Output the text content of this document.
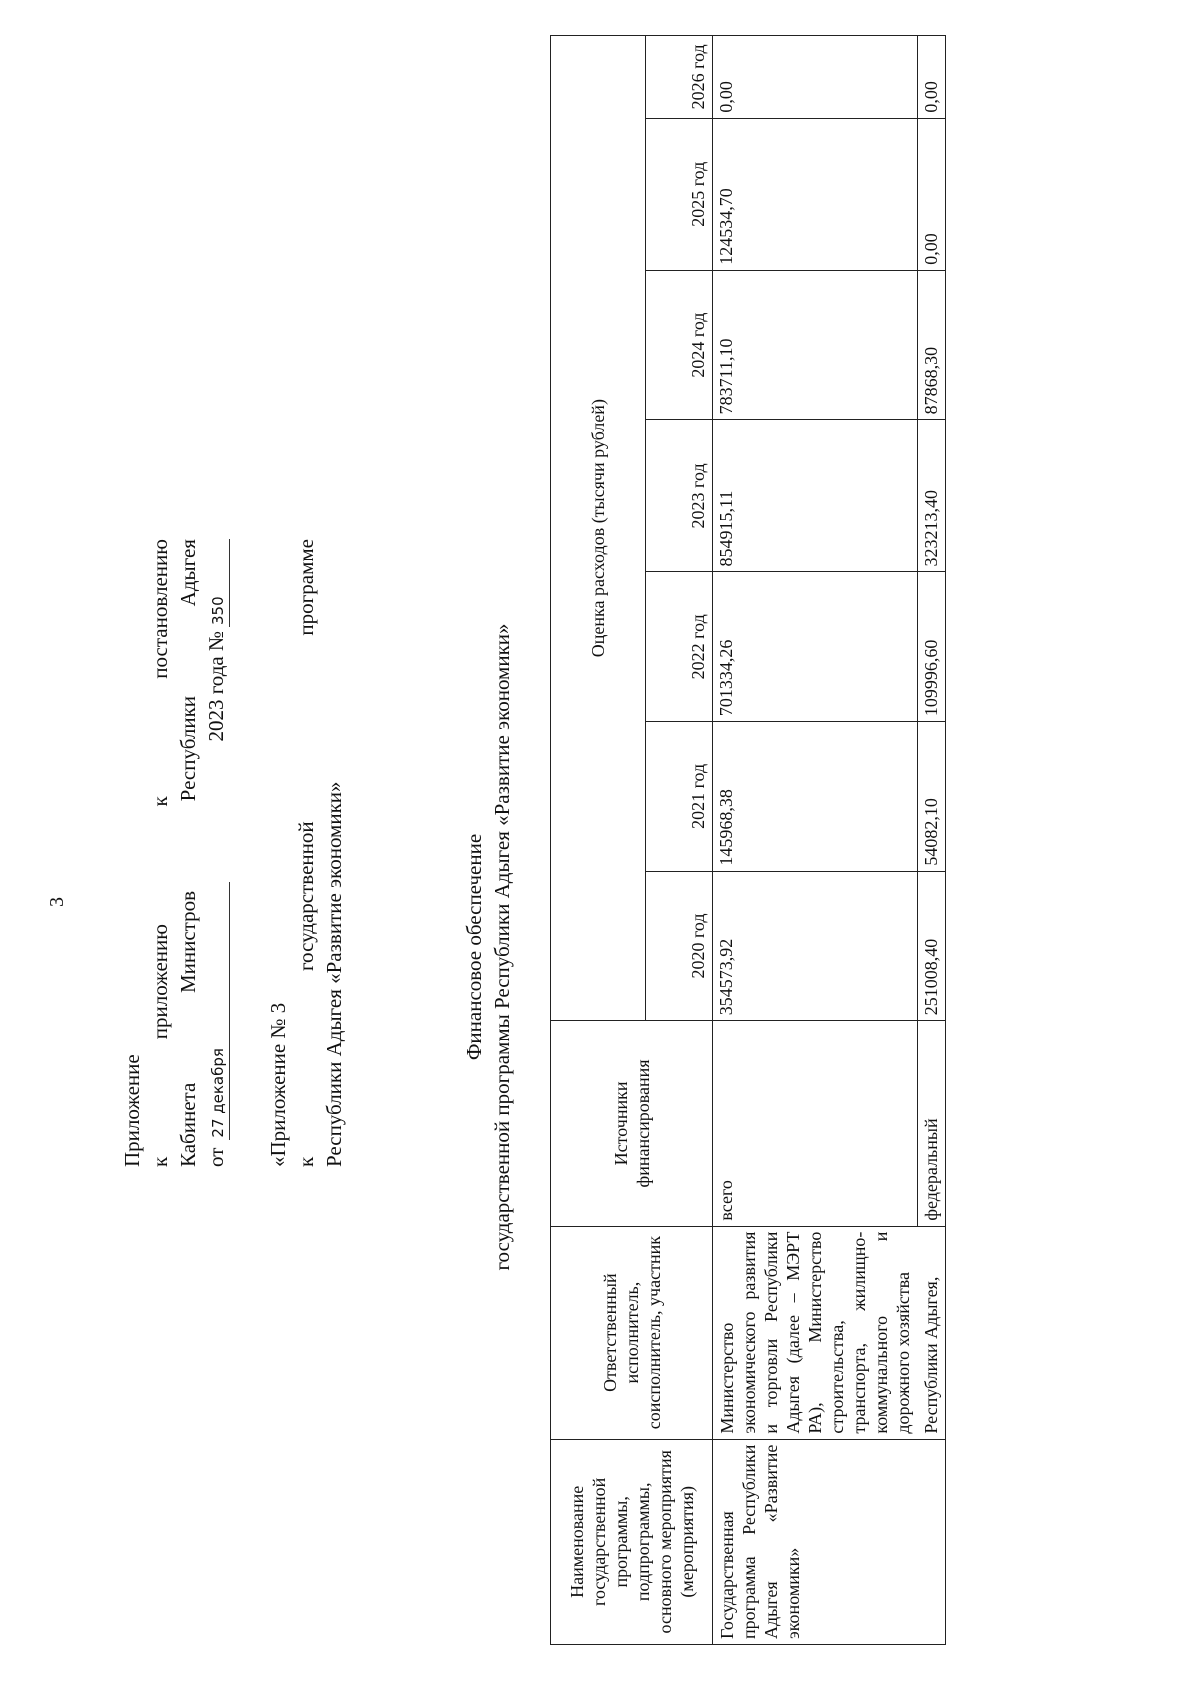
3
Приложение к
приложению
к
постановлению
Кабинета
Министров
Республики
Адыгея
от
27 декабря
2023 года №
350
«Приложение № 3 к
государственной
программе
Республики Адыгея «Развитие экономики»	Финансовое обеспечение государственной программы Республики Адыгея «Развитие экономики»
Наименование государственной программы, подпрограммы, основного мероприятия (мероприятия)	Ответственный исполнитель, соисполнитель, участник	Источники финансирования	Оценка расходов (тысячи рублей)						
			2020 год	2021 год	2022 год	2023 год	2024 год	2025 год	2026 год
Государственная программа Республики Адыгея «Развитие экономики»	Министерство экономического развития и торговли Республики Адыгея (далее – МЭРТ РА), Министерство строительства, транспорта, жилищно-коммунального и дорожного хозяйства	всего	354573,92	145968,38	701334,26	854915,11	783711,10	124534,70	0,00
	Республики Адыгея,	федеральный	251008,40	54082,10	109996,60	323213,40	87868,30	0,00	0,00
